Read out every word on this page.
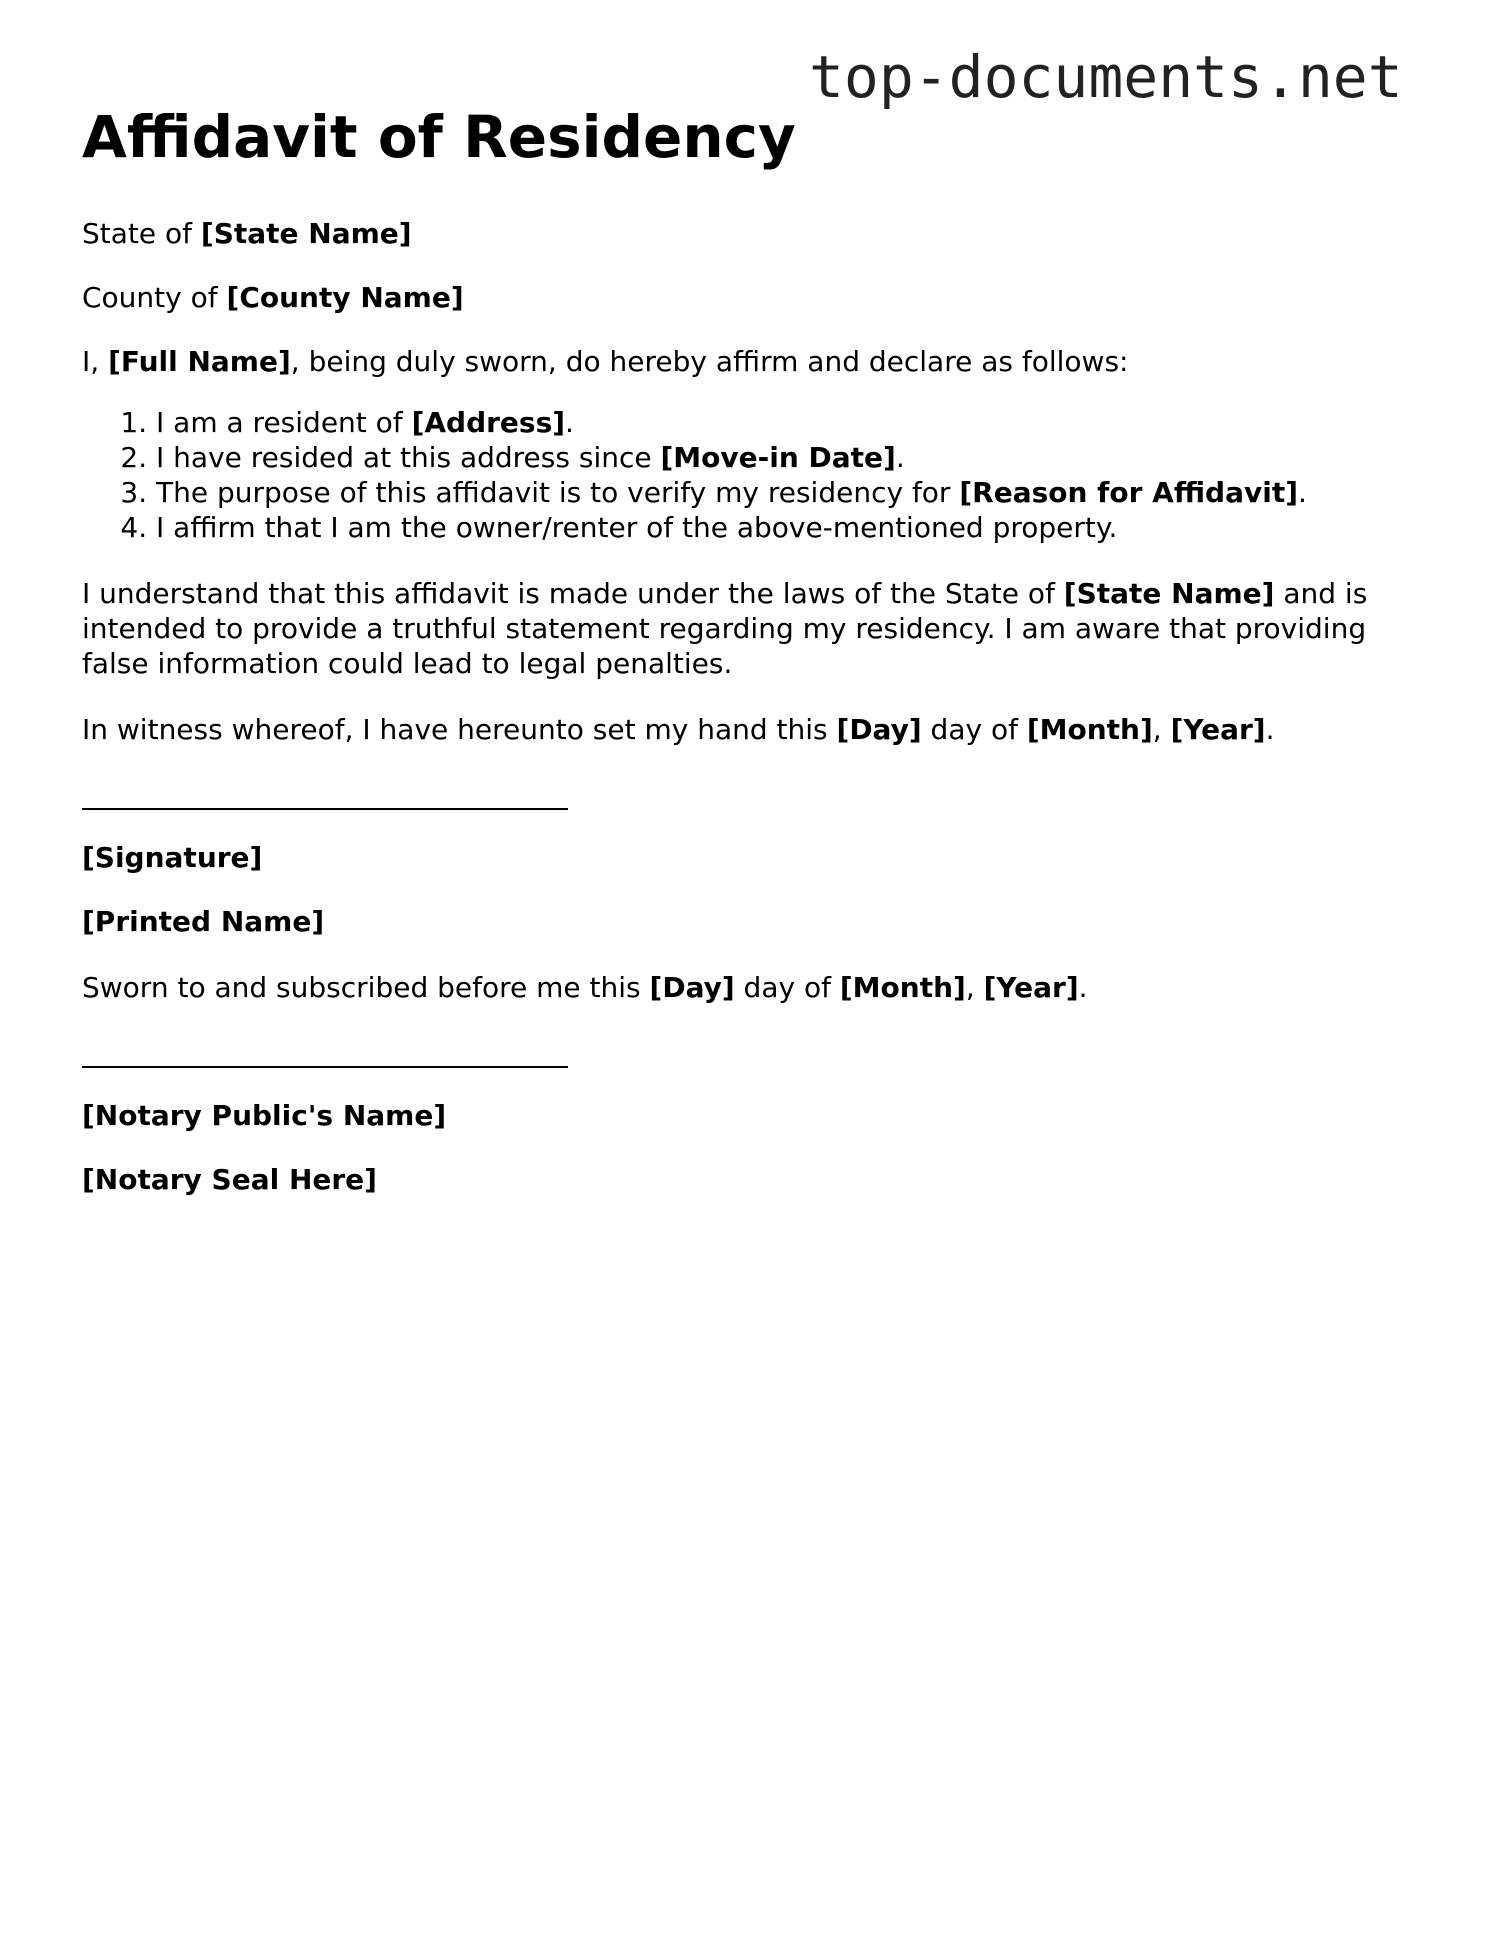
top-documents.net
Affidavit of Residency

State of [State Name]

County of [County Name]

I, [Full Name], being duly sworn, do hereby affirm and declare as follows:

1. I am a resident of [Address].
2. I have resided at this address since [Move-in Date].
3. The purpose of this affidavit is to verify my residency for [Reason for Affidavit].
4. I affirm that I am the owner/renter of the above-mentioned property.

I understand that this affidavit is made under the laws of the State of [State Name] and is intended to provide a truthful statement regarding my residency. I am aware that providing false information could lead to legal penalties.

In witness whereof, I have hereunto set my hand this [Day] day of [Month], [Year].

[Signature]

[Printed Name]

Sworn to and subscribed before me this [Day] day of [Month], [Year].

[Notary Public's Name]

[Notary Seal Here]
